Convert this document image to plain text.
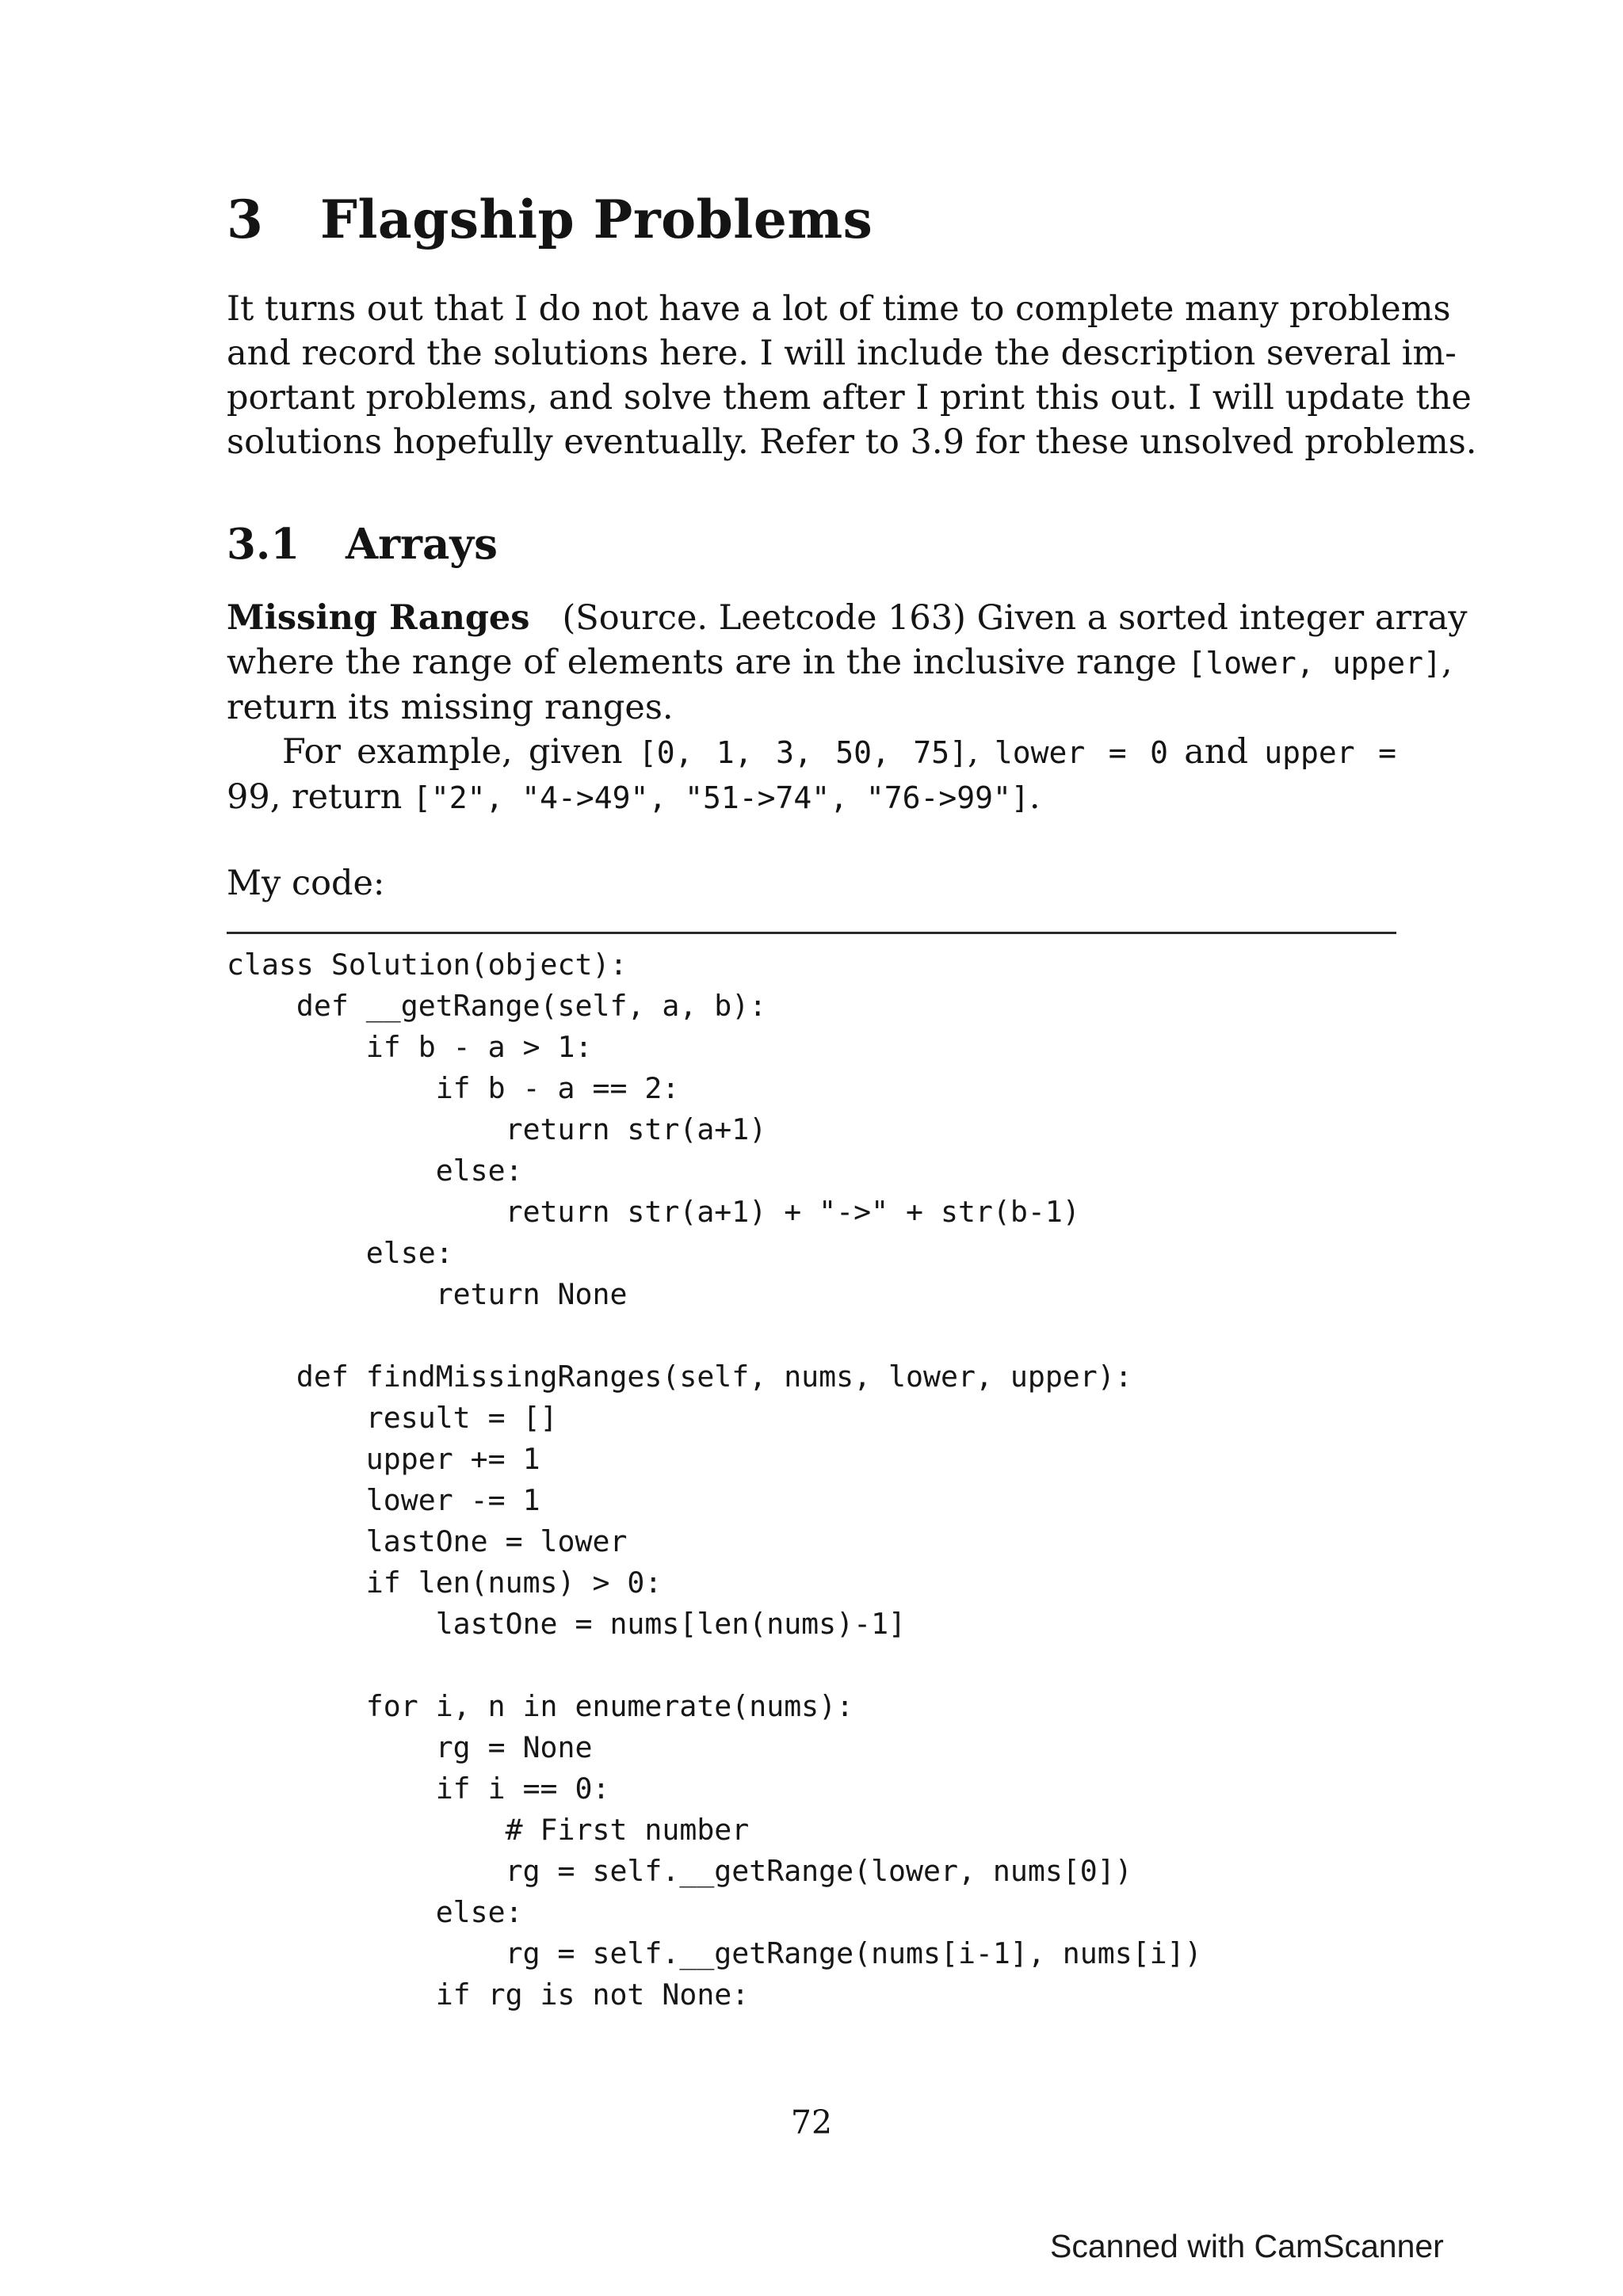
3 Flagship Problems
It turns out that I do not have a lot of time to complete many problems
and record the solutions here. I will include the description several im-
portant problems, and solve them after I print this out. I will update the
solutions hopefully eventually. Refer to 3.9 for these unsolved problems.
3.1 Arrays
Missing Ranges (Source. Leetcode 163) Given a sorted integer array
where the range of elements are in the inclusive range [lower, upper],
return its missing ranges.
For example, given [0, 1, 3, 50, 75], lower = 0 and upper =
99, return ["2", "4->49", "51->74", "76->99"].

My code:

class Solution(object):
def __getRange(self, a, b):
if b - a > 1:
if b - a == 2:
return str(a+1)
else:
return str(a+1) + "->" + str(b-1)
else:
return None
def findMissingRanges(self, nums, lower, upper):
result = []
upper += 1
lower -= 1
lastOne = lower
if len(nums) > 0:
lastOne = nums[len(nums)-1]
for i, n in enumerate(nums):
rg = None
if i == 0:
# First number
rg = self.__getRange(lower, nums[0])
else:
rg = self.__getRange(nums[i-1], nums[i])
if rg is not None:
72
Scanned with CamScanner
